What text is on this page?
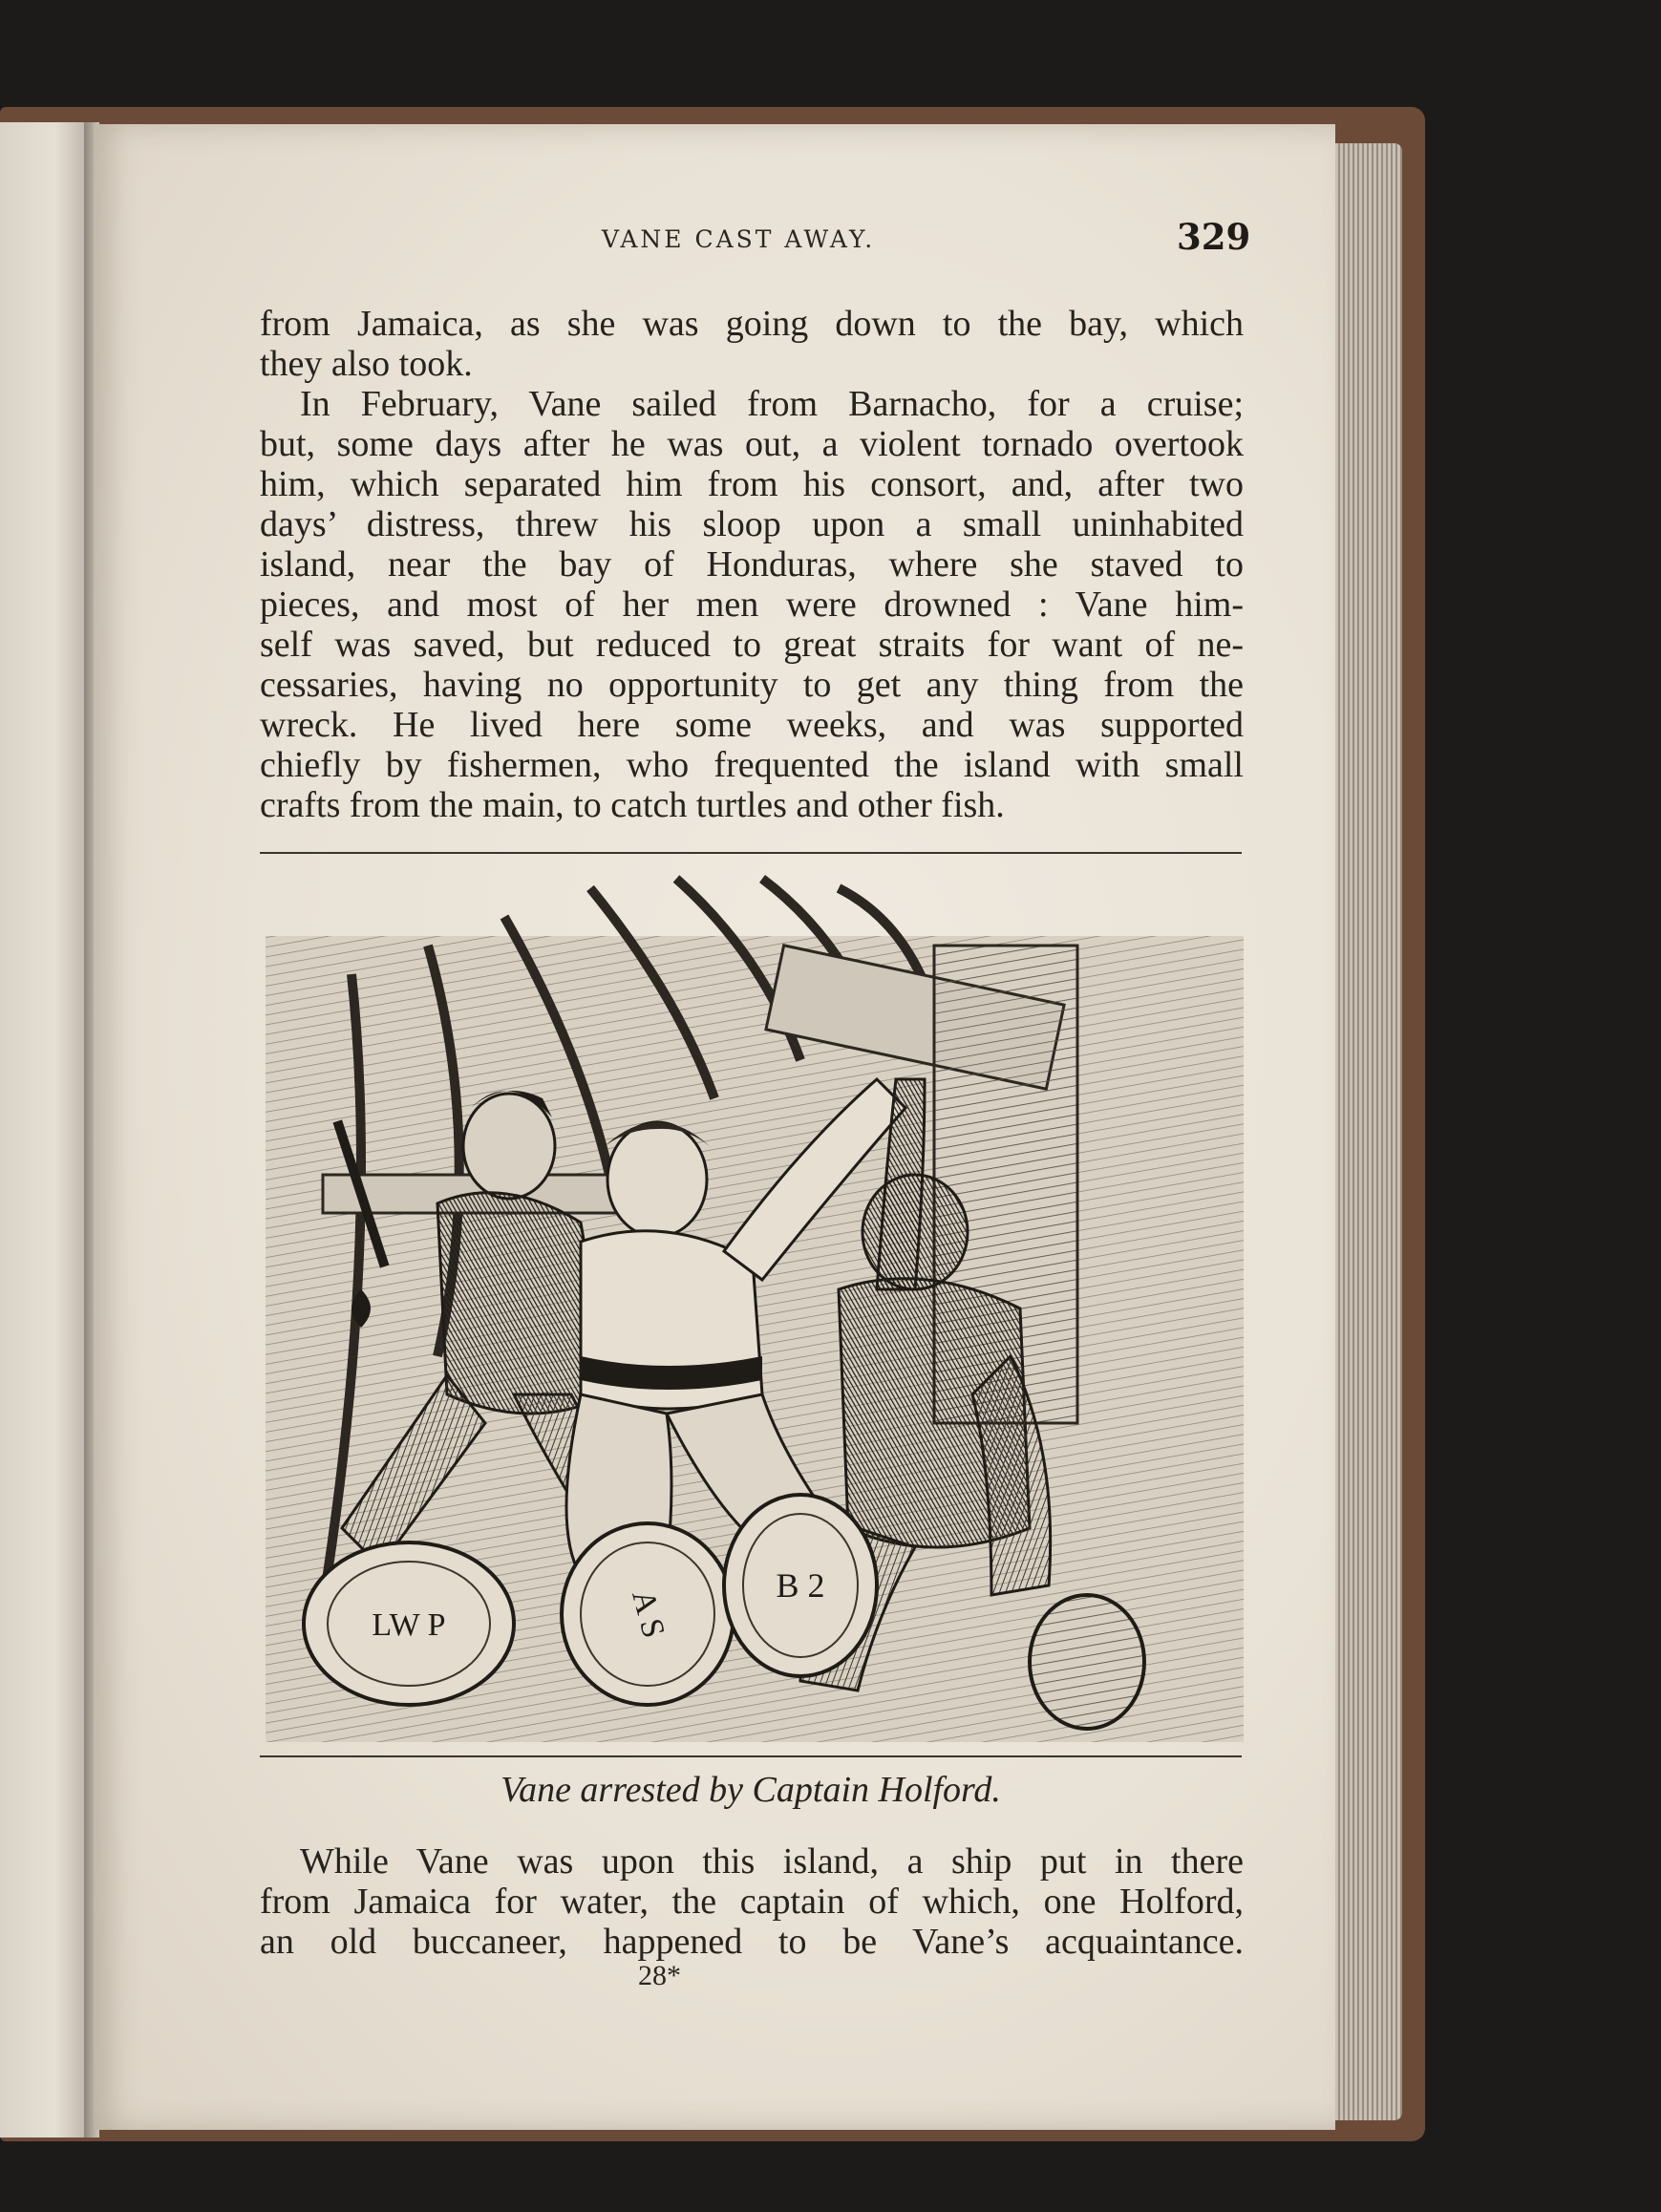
VANE CAST AWAY.	329
from Jamaica, as she was going down to the bay, which
they also took.
In February, Vane sailed from Barnacho, for a cruise;
but, some days after he was out, a violent tornado overtook
him, which separated him from his consort, and, after two
days’ distress, threw his sloop upon a small uninhabited
island, near the bay of Honduras, where she staved to
pieces, and most of her men were drowned : Vane him-
self was saved, but reduced to great straits for want of ne-
cessaries, having no opportunity to get any thing from the
wreck. He lived here some weeks, and was supported
chiefly by fishermen, who frequented the island with small
crafts from the main, to catch turtles and other fish.
LW P	A S
B 2
Vane arrested by Captain Holford.
While Vane was upon this island, a ship put in there
from Jamaica for water, the captain of which, one Holford,
an old buccaneer, happened to be Vane’s acquaintance.
28*
